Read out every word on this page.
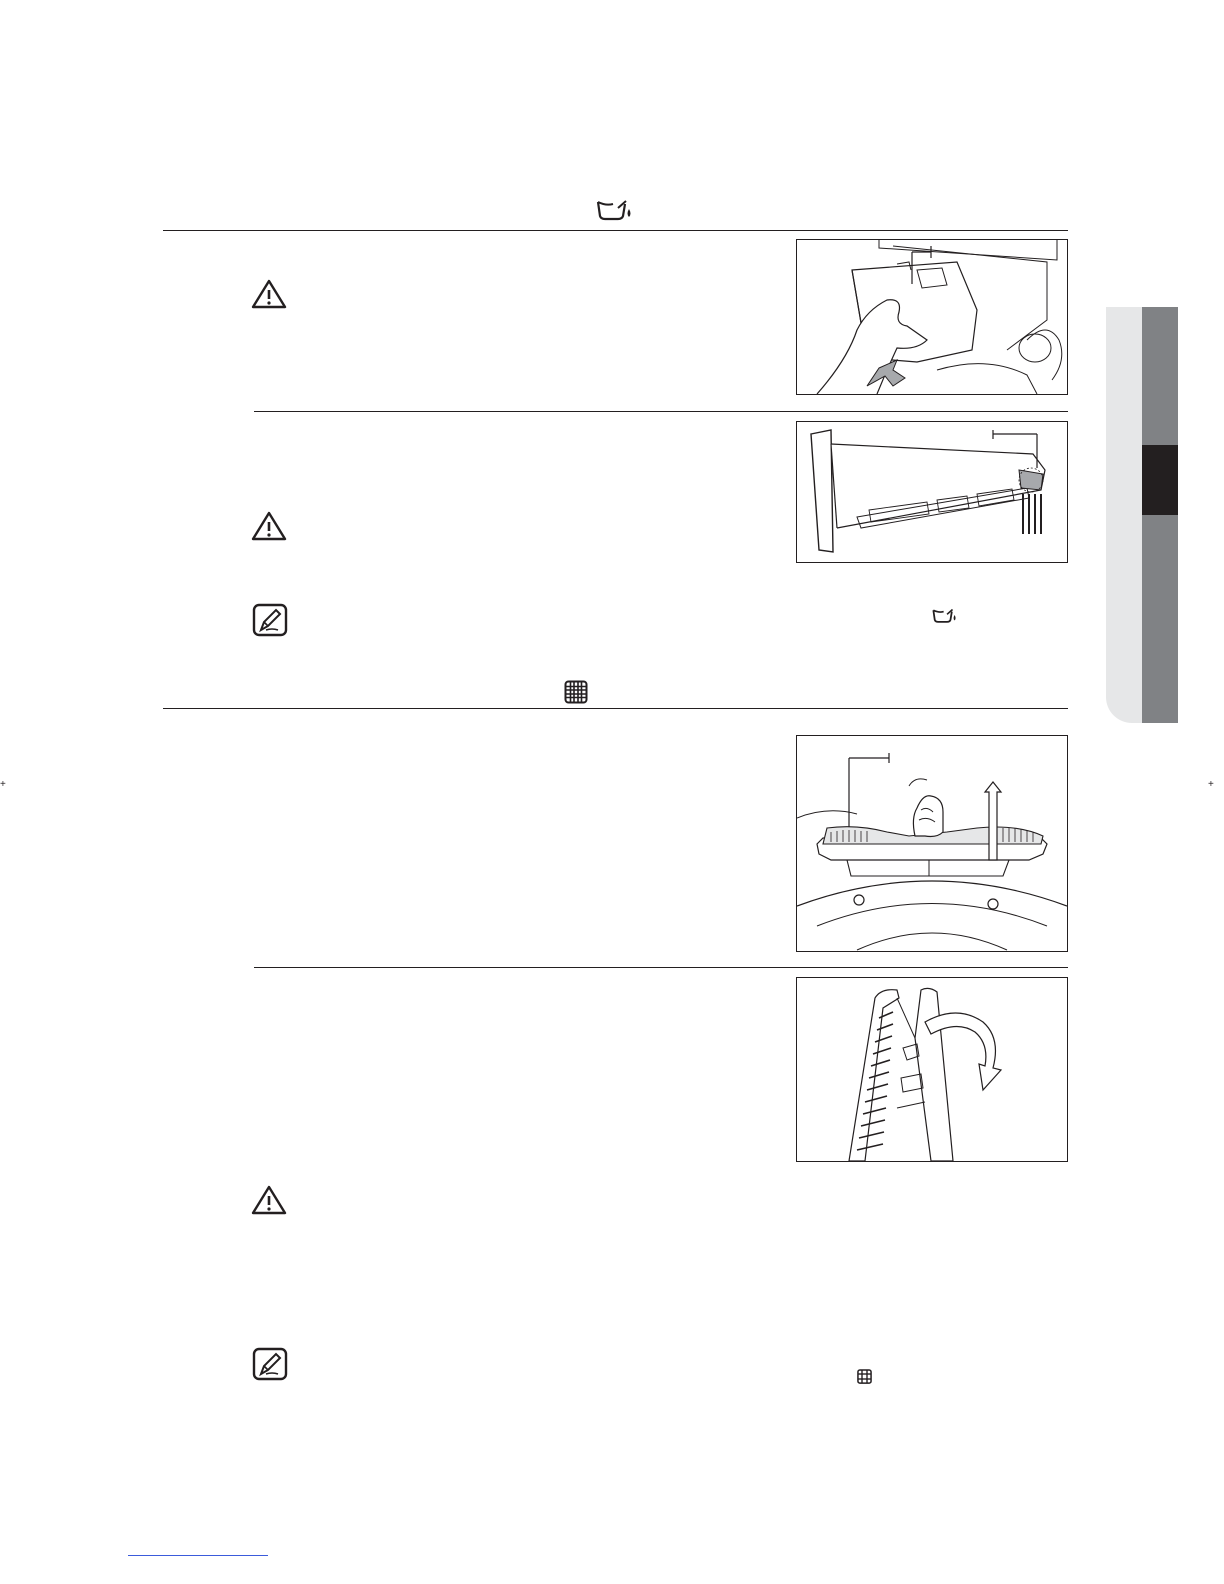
+	+
